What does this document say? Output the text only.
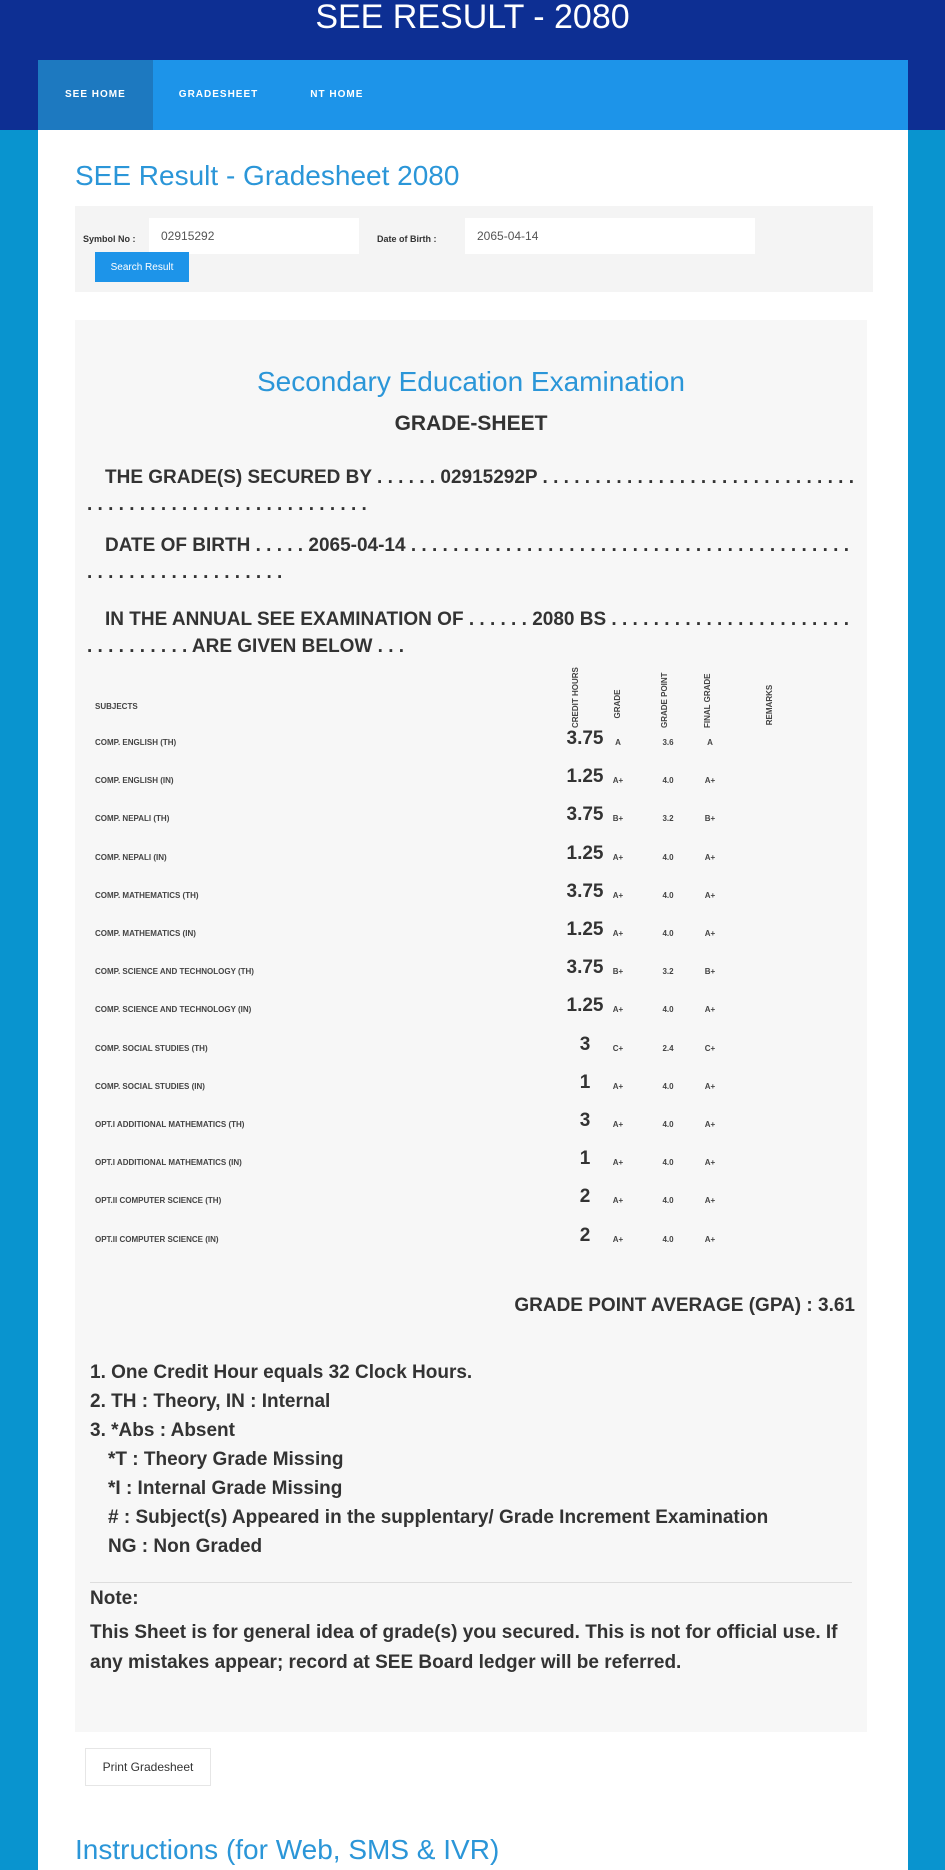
SEE RESULT - 2080
SEE HOME	GRADESHEET	NT HOME
SEE Result - Gradesheet 2080
Symbol No :
02915292	Date of Birth :
2065-04-14
Search Result
Secondary Education Examination
GRADE-SHEET
THE GRADE(S) SECURED BY . . . . . . 02915292P . . . . . . . . . . . . . . . . . . . . . . . . . . . . . . . . . . . . . . . . . . . . . . . . . . . . . . . . .
DATE OF BIRTH . . . . . 2065-04-14 . . . . . . . . . . . . . . . . . . . . . . . . . . . . . . . . . . . . . . . . . . . . . . . . . . . . . . . . . . . . .
IN THE ANNUAL SEE EXAMINATION OF . . . . . . 2080 BS . . . . . . . . . . . . . . . . . . . . . . . . . . . . . . . . . ARE GIVEN BELOW . . .
SUBJECTS	CREDIT HOURS	GRADE	GRADE POINT	FINAL GRADE	REMARKS
COMP. ENGLISH (TH)	3.75	A	3.6	A
COMP. ENGLISH (IN)	1.25	A+	4.0	A+
COMP. NEPALI (TH)	3.75	B+	3.2	B+
COMP. NEPALI (IN)	1.25	A+	4.0	A+
COMP. MATHEMATICS (TH)	3.75	A+	4.0	A+
COMP. MATHEMATICS (IN)	1.25	A+	4.0	A+
COMP. SCIENCE AND TECHNOLOGY (TH)	3.75	B+	3.2	B+
COMP. SCIENCE AND TECHNOLOGY (IN)	1.25	A+	4.0	A+
COMP. SOCIAL STUDIES (TH)	3	C+	2.4	C+
COMP. SOCIAL STUDIES (IN)	1	A+	4.0	A+
OPT.I ADDITIONAL MATHEMATICS (TH)	3	A+	4.0	A+
OPT.I ADDITIONAL MATHEMATICS (IN)	1	A+	4.0	A+
OPT.II COMPUTER SCIENCE (TH)	2	A+	4.0	A+
OPT.II COMPUTER SCIENCE (IN)	2	A+	4.0	A+
GRADE POINT AVERAGE (GPA) : 3.61
1. One Credit Hour equals 32 Clock Hours.
2. TH : Theory, IN : Internal
3. *Abs : Absent
*T : Theory Grade Missing
*I : Internal Grade Missing
# : Subject(s) Appeared in the supplentary/ Grade Increment Examination
NG : Non Graded
Note:
This Sheet is for general idea of grade(s) you secured. This is not for official use. If any mistakes appear; record at SEE Board ledger will be referred.
Print Gradesheet
Instructions (for Web, SMS & IVR)
